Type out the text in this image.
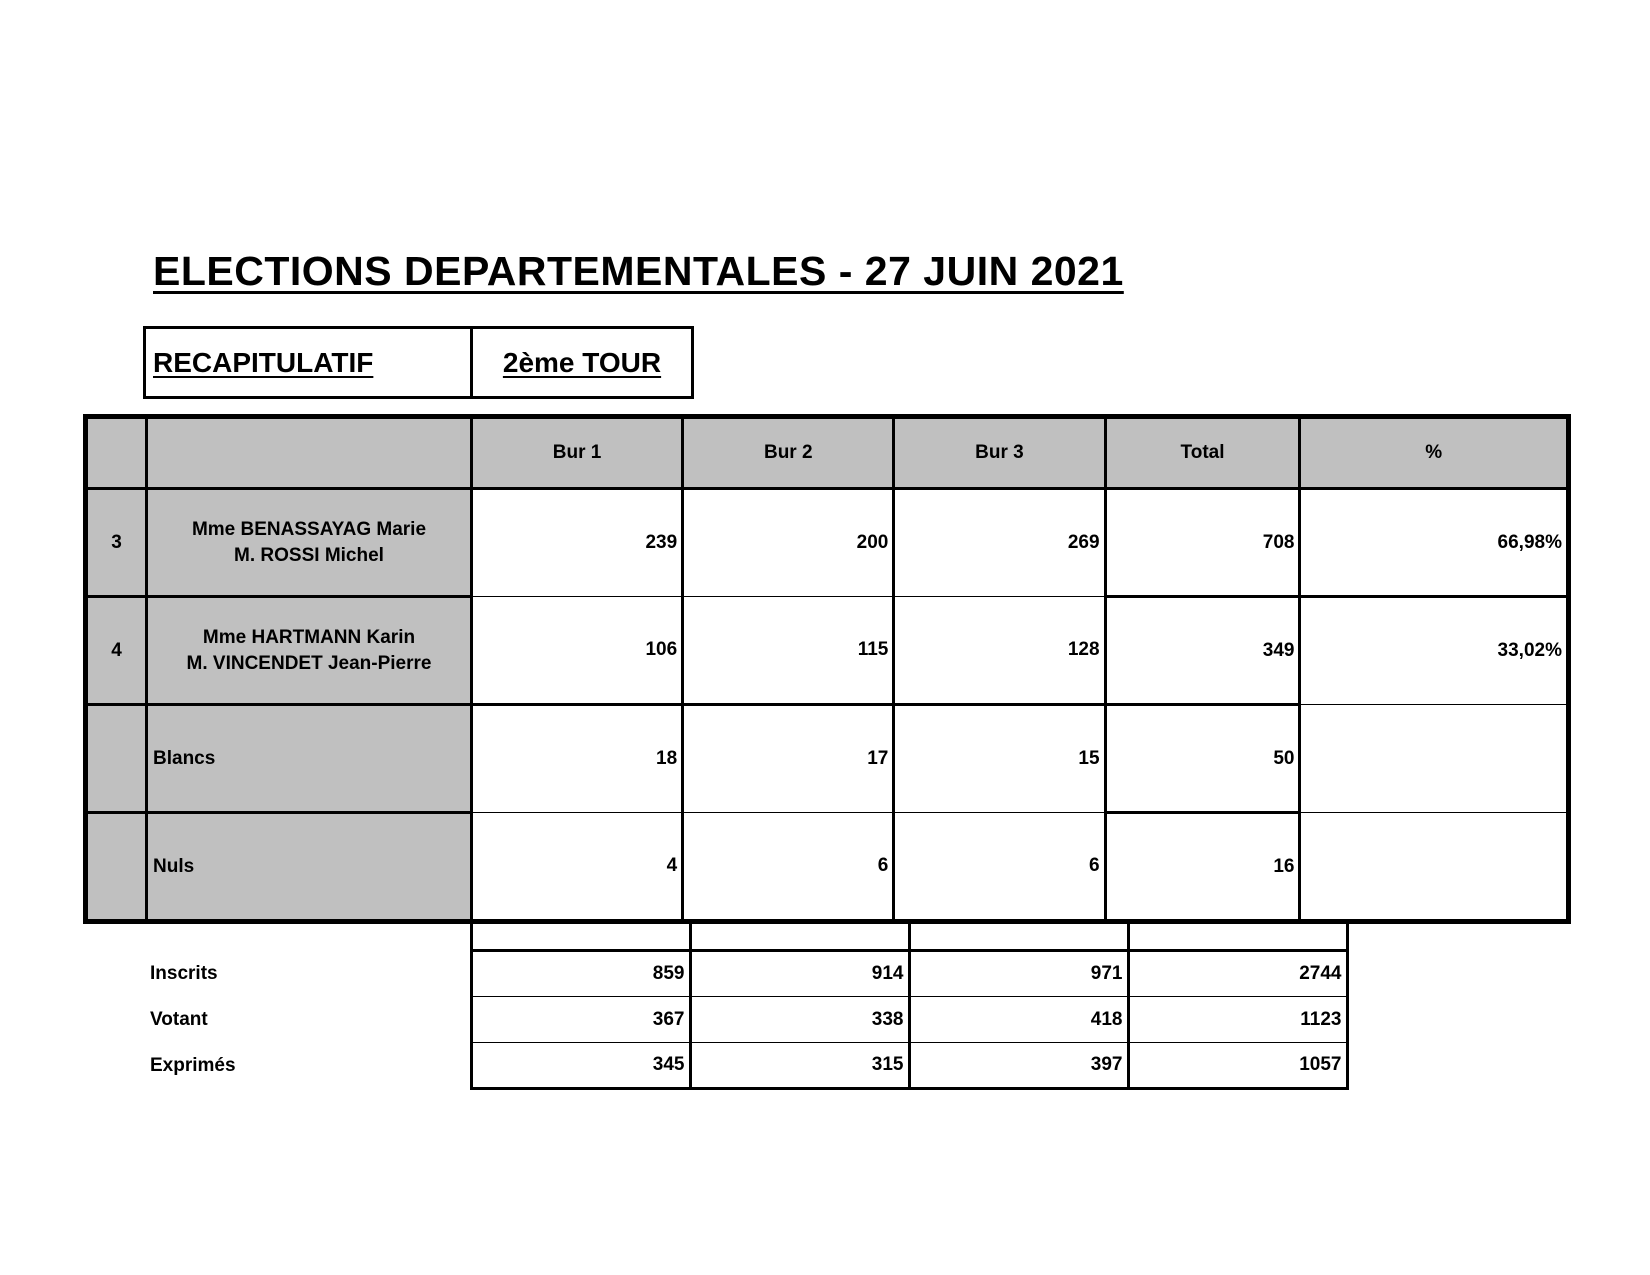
ELECTIONS DEPARTEMENTALES - 27 JUIN 2021
RECAPITULATIF	2ème TOUR
		Bur 1	Bur 2	Bur 3	Total	%
3	Mme BENASSAYAG Marie
M. ROSSI Michel	239	200	269	708	66,98%
4	Mme HARTMANN Karin
M. VINCENDET Jean-Pierre	106	115	128	349	33,02%
	Blancs	18	17	15	50	
	Nuls	4	6	6	16	

Inscrits	859	914	971	2744
Votant	367	338	418	1123
Exprimés	345	315	397	1057
